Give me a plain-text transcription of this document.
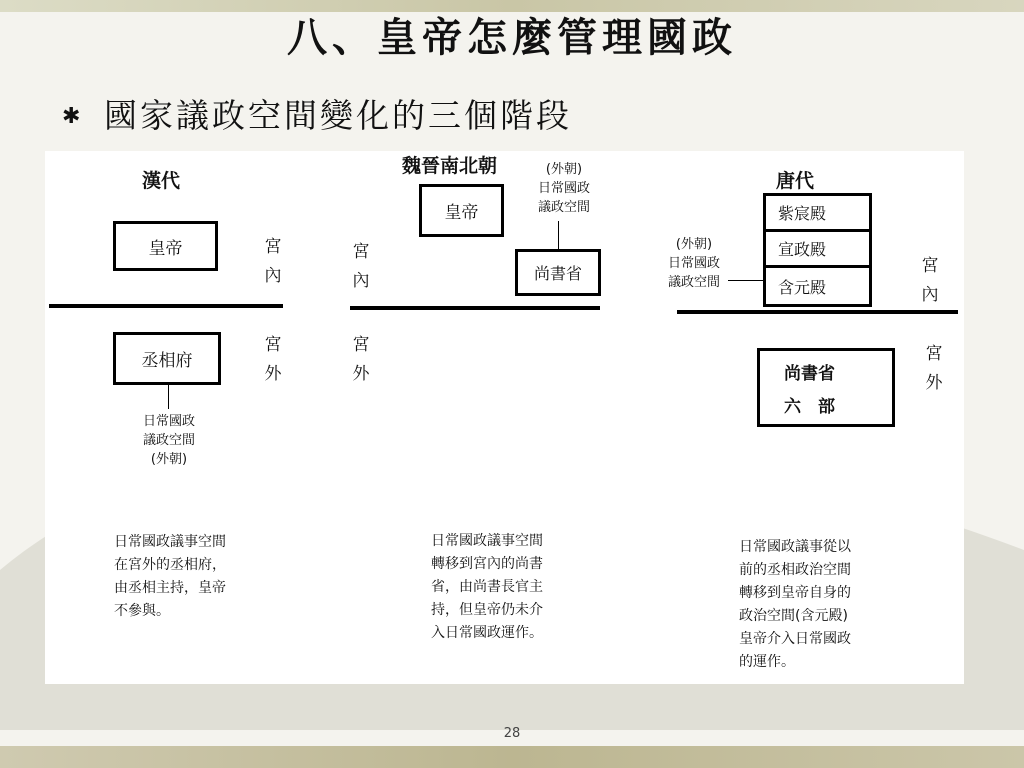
八、皇帝怎麼管理國政
✱ 國家議政空間變化的三個階段
漢代
皇帝	宮
內
宮
外
丞相府
日常國政
議政空間
(外朝)
日常國政議事空間
在宮外的丞相府，
由丞相主持，皇帝
不參與。
魏晉南北朝
皇帝
(外朝)
日常國政
議政空間
尚書省
宮
內
宮
外
日常國政議事空間
轉移到宮內的尚書
省，由尚書長官主
持，但皇帝仍未介
入日常國政運作。
唐代
紫宸殿
宣政殿
含元殿
(外朝)
日常國政
議政空間
宮
內
宮
外
尚書省
六　部
日常國政議事從以
前的丞相政治空間
轉移到皇帝自身的
政治空間(含元殿)
皇帝介入日常國政
的運作。
28
